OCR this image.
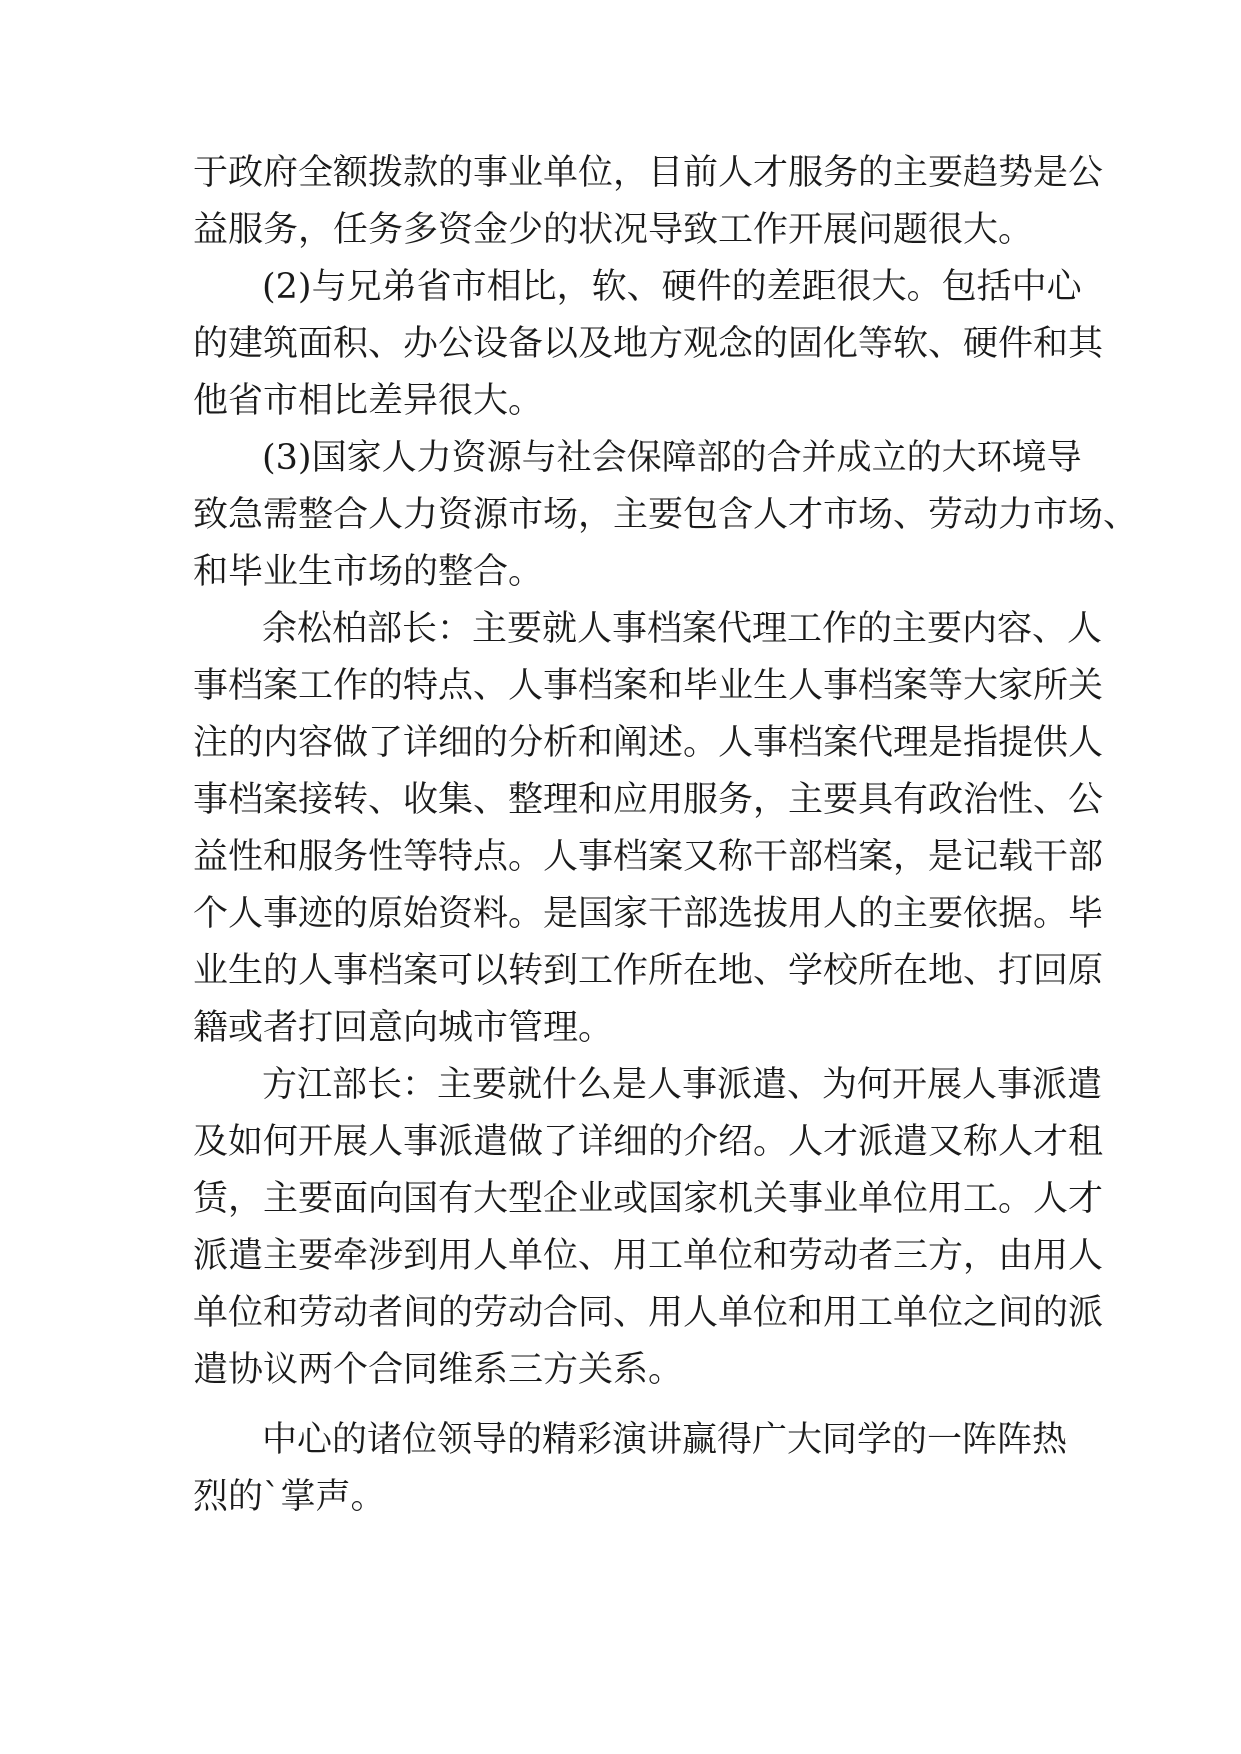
于政府全额拨款的事业单位，目前人才服务的主要趋势是公
益服务，任务多资金少的状况导致工作开展问题很大。
(2)与兄弟省市相比，软、硬件的差距很大。包括中心
的建筑面积、办公设备以及地方观念的固化等软、硬件和其
他省市相比差异很大。
(3)国家人力资源与社会保障部的合并成立的大环境导
致急需整合人力资源市场，主要包含人才市场、劳动力市场、
和毕业生市场的整合。
余松柏部长：主要就人事档案代理工作的主要内容、人
事档案工作的特点、人事档案和毕业生人事档案等大家所关
注的内容做了详细的分析和阐述。人事档案代理是指提供人
事档案接转、收集、整理和应用服务，主要具有政治性、公
益性和服务性等特点。人事档案又称干部档案，是记载干部
个人事迹的原始资料。是国家干部选拔用人的主要依据。毕
业生的人事档案可以转到工作所在地、学校所在地、打回原
籍或者打回意向城市管理。
方江部长：主要就什么是人事派遣、为何开展人事派遣
及如何开展人事派遣做了详细的介绍。人才派遣又称人才租
赁，主要面向国有大型企业或国家机关事业单位用工。人才
派遣主要牵涉到用人单位、用工单位和劳动者三方，由用人
单位和劳动者间的劳动合同、用人单位和用工单位之间的派
遣协议两个合同维系三方关系。
中心的诸位领导的精彩演讲赢得广大同学的一阵阵热
烈的`掌声。
